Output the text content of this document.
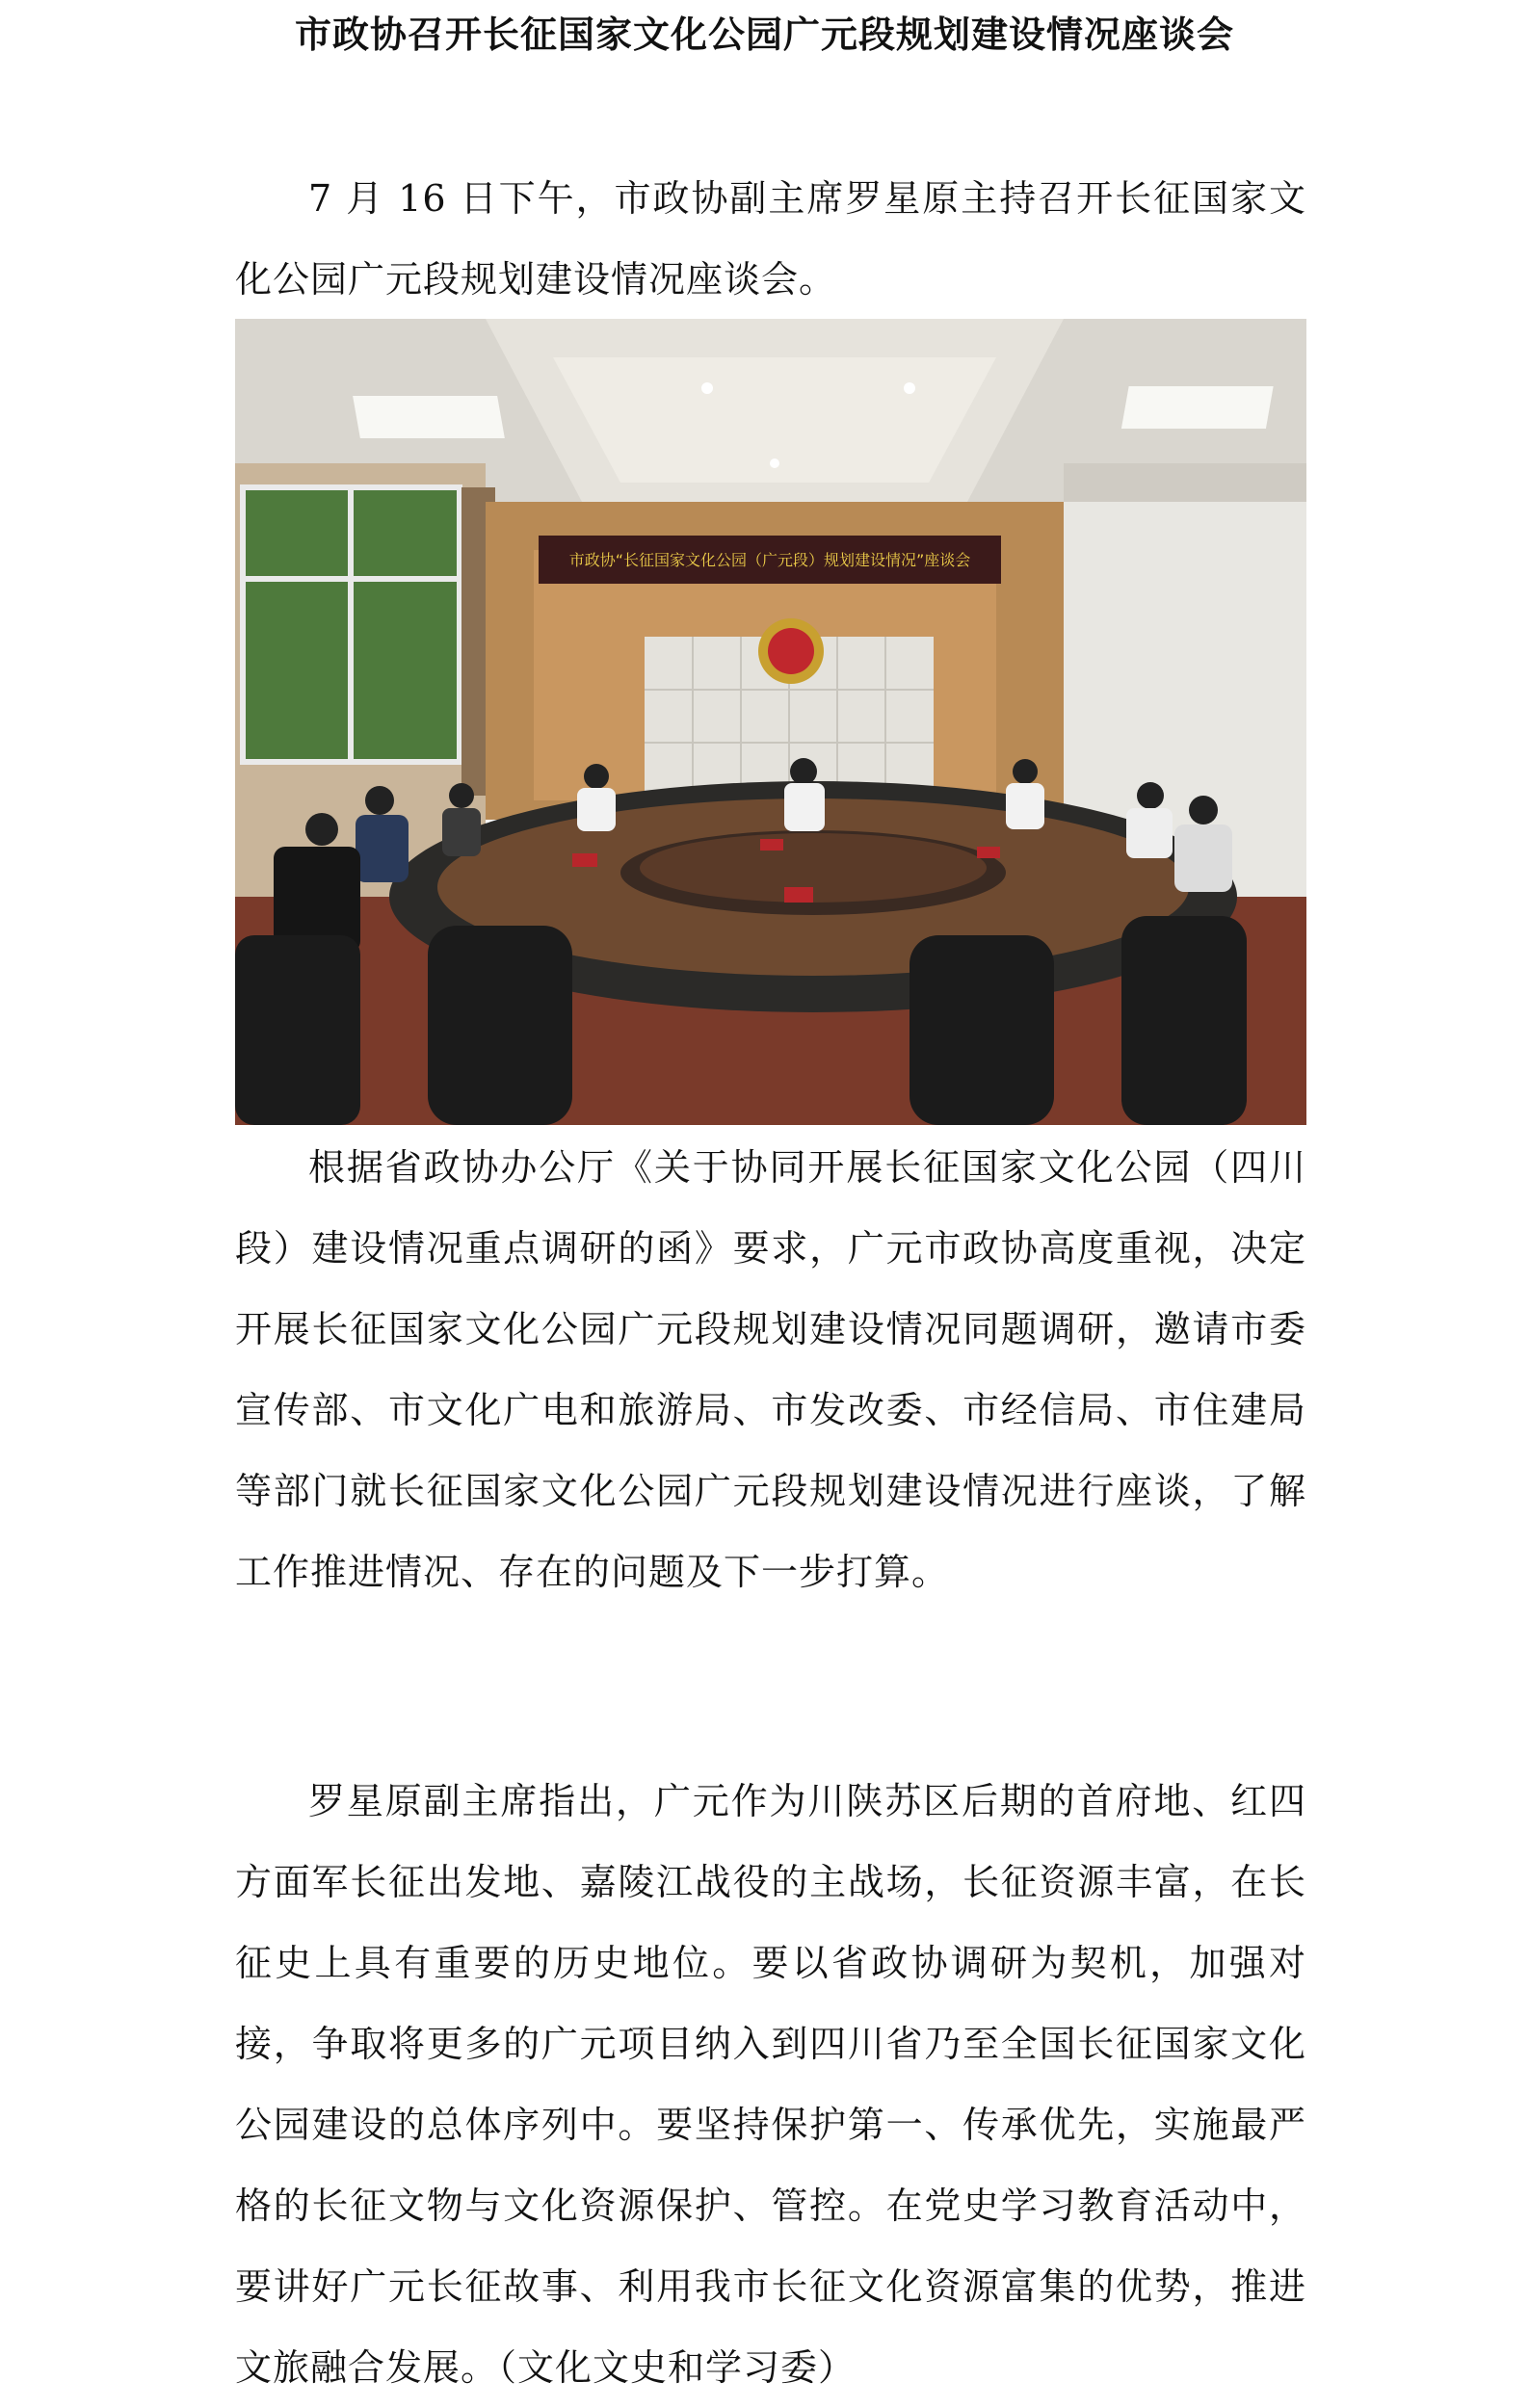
市政协召开长征国家文化公园广元段规划建设情况座谈会

7 月 16 日下午，市政协副主席罗星原主持召开长征国家文化公园广元段规划建设情况座谈会。

市政协“长征国家文化公园（广元段）规划建设情况”座谈会

根据省政协办公厅《关于协同开展长征国家文化公园（四川段）建设情况重点调研的函》要求，广元市政协高度重视，决定开展长征国家文化公园广元段规划建设情况同题调研，邀请市委宣传部、市文化广电和旅游局、市发改委、市经信局、市住建局等部门就长征国家文化公园广元段规划建设情况进行座谈，了解工作推进情况、存在的问题及下一步打算。

罗星原副主席指出，广元作为川陕苏区后期的首府地、红四方面军长征出发地、嘉陵江战役的主战场，长征资源丰富，在长征史上具有重要的历史地位。要以省政协调研为契机，加强对接，争取将更多的广元项目纳入到四川省乃至全国长征国家文化公园建设的总体序列中。要坚持保护第一、传承优先，实施最严格的长征文物与文化资源保护、管控。在党史学习教育活动中，要讲好广元长征故事、利用我市长征文化资源富集的优势，推进文旅融合发展。（文化文史和学习委）
